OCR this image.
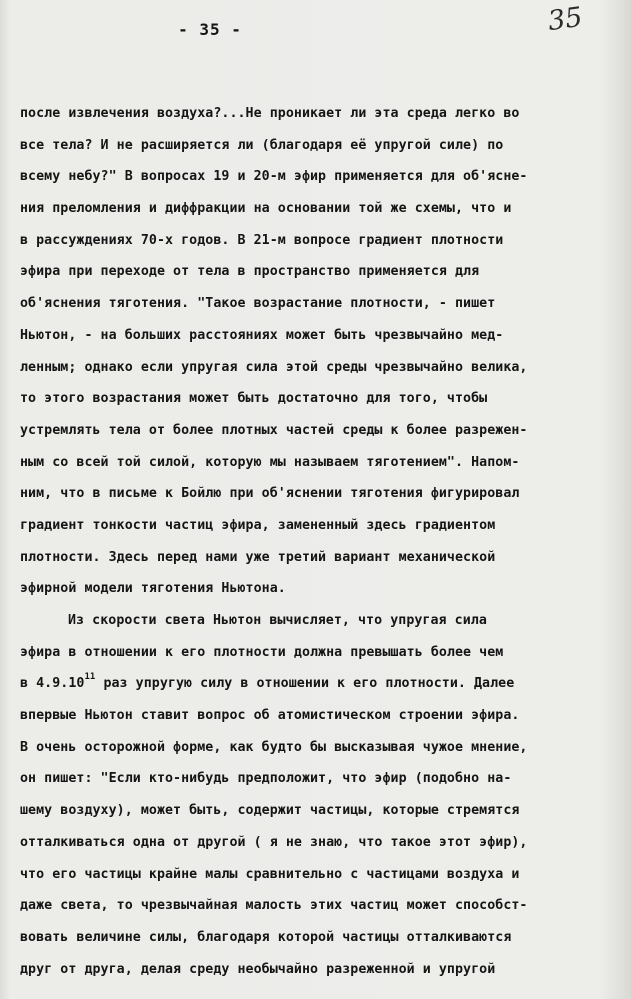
- 35 -	35
после извлечения воздуха?...Не проникает ли эта среда легко во
все тела? И не расширяется ли (благодаря её упругой силе) по
всему небу?" В вопросах 19 и 20-м эфир применяется для об'ясне-
ния преломления и диффракции на основании той же схемы, что и
в рассуждениях 70-х годов. В 21-м вопросе градиент плотности
эфира при переходе от тела в пространство применяется для
об'яснения тяготения. "Такое возрастание плотности, - пишет
Ньютон, - на больших расстояниях может быть чрезвычайно мед-
ленным; однако если упругая сила этой среды чрезвычайно велика,
то этого возрастания может быть достаточно для того, чтобы
устремлять тела от более плотных частей среды к более разрежен-
ным со всей той силой, которую мы называем тяготением". Напом-
ним, что в письме к Бойлю при об'яснении тяготения фигурировал
градиент тонкости частиц эфира, замененный здесь градиентом
плотности. Здесь перед нами уже третий вариант механической
эфирной модели тяготения Ньютона.
Из скорости света Ньютон вычисляет, что упругая сила
эфира в отношении к его плотности должна превышать более чем
в 4.9.10$^{11}$ раз упругую силу в отношении к его плотности. Далее
впервые Ньютон ставит вопрос об атомистическом строении эфира.
В очень осторожной форме, как будто бы высказывая чужое мнение,
он пишет: "Если кто-нибудь предположит, что эфир (подобно на-
шему воздуху), может быть, содержит частицы, которые стремятся
отталкиваться одна от другой ( я не знаю, что такое этот эфир),
что его частицы крайне малы сравнительно с частицами воздуха и
даже света, то чрезвычайная малость этих частиц может способст-
вовать величине силы, благодаря которой частицы отталкиваются
друг от друга, делая среду необычайно разреженной и упругой
